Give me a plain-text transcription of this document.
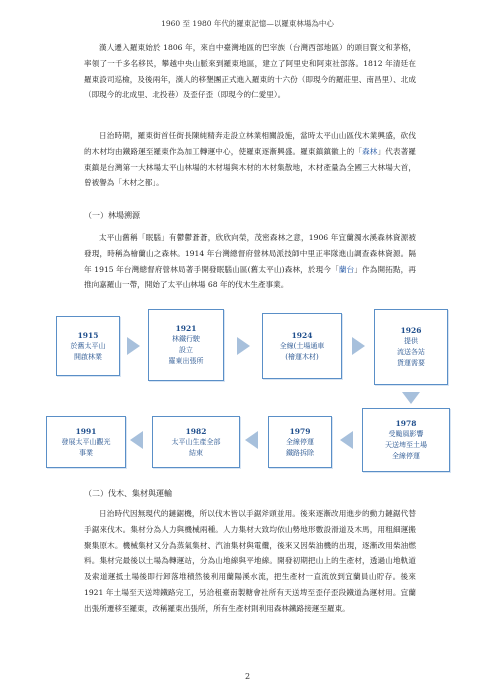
1960 至 1980 年代的羅東記憶—以羅東林場為中心

漢人遷入羅東始於 1806 年，來自中臺灣地區的巴宰族（台灣西部地區）的頭目賢文和茅格，率領了一千多名移民，攀越中央山脈來到羅東地區，建立了阿里史和阿束社部落。1812 年清廷在羅東設司巡檢，及後兩年，漢人的移墾團正式進入羅東的十六份（即現今的羅莊里、南昌里）、北成（即現今的北成里、北投巷）及歪仔歪（即現今的仁愛里）。

日治時期，羅東街首任街長陳純精奔走設立林業相關設施，當時太平山山區伐木業興盛，砍伐的木材均由鐵路運至羅東作為加工轉運中心，使羅東逐漸興盛。羅東鎮鎮徽上的「森林」代表著羅東鎮是台灣第一大林場太平山林場的木材場與木材的木材集散地，木材產量為全國三大林場大首，曾被譽為「木材之都」。

（一）林場溯源

太平山舊稱「眠腦」有鬱鬱蒼蒼，欣欣向榮，茂密森林之意，1906 年宜蘭濁水溪森林資源被發現，時稱為檜蘭山之森林。1914 年台灣總督府營林局派技師中里正率隊進山調查森林資源。隔年 1915 年台灣總督府營林局著手開發眠腦山區(舊太平山)森林，於現今「蘭台」作為開拓點，再推向嘉羅山一帶，開始了太平山林場 68 年的伐木生產事業。

1915
於舊太平山
開啟林業
1921
林鐵行駛
設立
羅東出張所
1924
全線(土場通車
(檜運木材)
1926
提供
流送各站
貨運需要
1978
受颱風影響
天送埤至土場
全線停運
1979
全線停運
鐵路拆除
1982
太平山生產全部
結束
1991
發展太平山觀光
事業
（二）伐木、集材與運輸

日治時代因無現代的鏈鋸機，所以伐木皆以手鋸斧頭並用。後來逐漸改用進步的動力鏈鋸代替手鋸來伐木。集材分為人力與機械兩種。人力集材大致均依山勢地形數設滑道及木馬，用粗細運搬聚集原木。機械集材又分為蒸氣集材、汽油集材與電纜，後來又因柴油機的出現，逐漸改用柴油燃料。集材完最後以土場為轉運站，分為山地線與平地線。開發初期把山上的生產材，透過山地軌道及索道運抵土場後即行卸落堆積然後利用蘭陽溪水流，把生產材一直流放到宜蘭員山貯存。後來 1921 年土場至天送埤鐵路完工，另洽租臺南製糖會社所有天送埤至歪仔歪段鐵道為運材用。宜蘭出張所遷移至羅東，改稱羅東出張所，所有生產材則利用森林鐵路接運至羅東。

2
